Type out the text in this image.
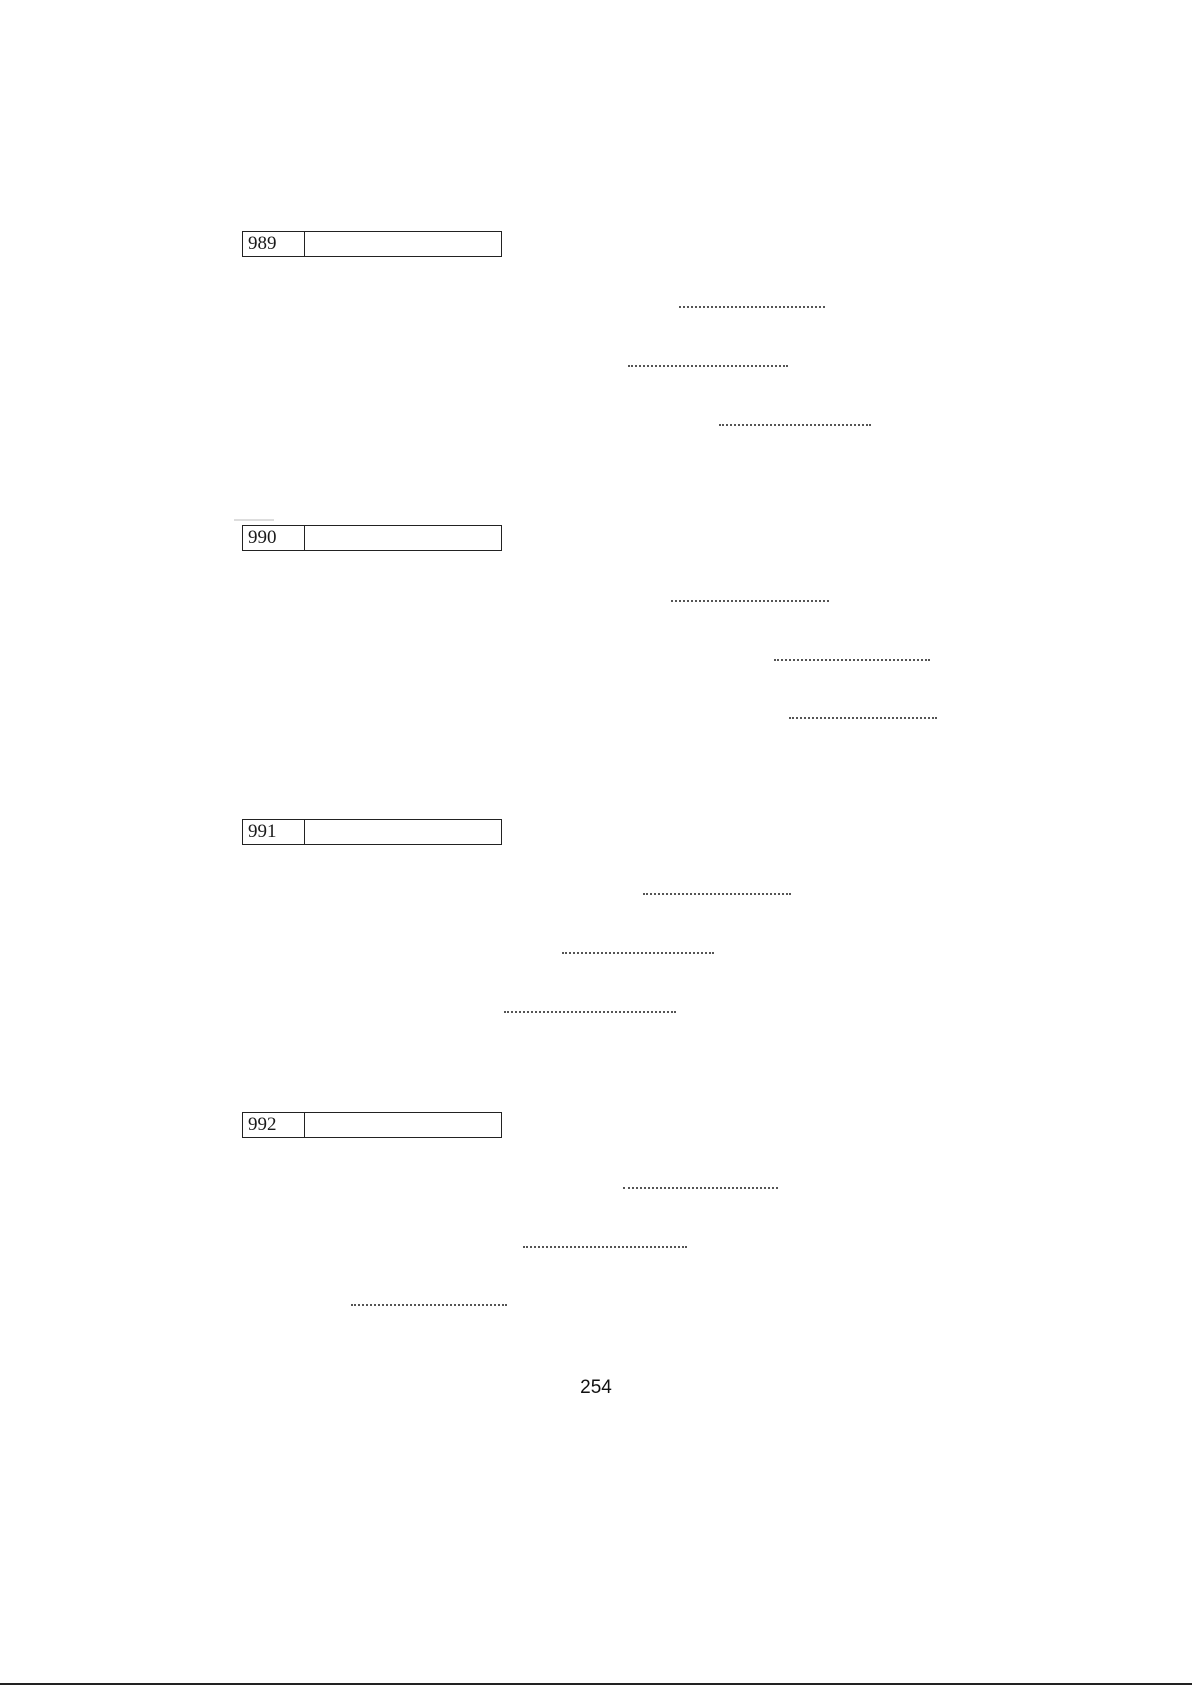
989
990
991
992
254
